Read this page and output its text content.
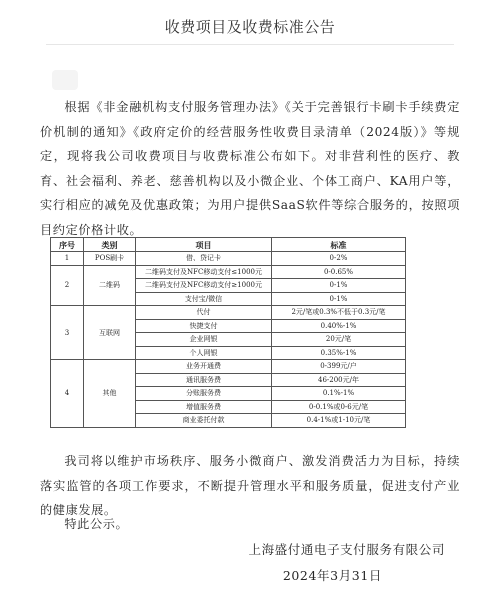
收费项目及收费标准公告
根据《非金融机构支付服务管理办法》《关于完善银行卡刷卡手续费定价机制的通知》《政府定价的经营服务性收费目录清单（2024版）》等规定，现将我公司收费项目与收费标准公布如下。对非营利性的医疗、教育、社会福利、养老、慈善机构以及小微企业、个体工商户、KA用户等，实行相应的减免及优惠政策；为用户提供SaaS软件等综合服务的，按照项目约定价格计收。
序号	类别	项目	标准
1	POS刷卡	借、贷记卡	0-2%
2	二维码	二维码支付及NFC移动支付≤1000元	0-0.65%
		二维码支付及NFC移动支付≥1000元	0-1%
		支付宝/微信	0-1%
3	互联网	代付	2元/笔或0.3%不低于0.3元/笔
		快捷支付	0.40%-1%
		企业网银	20元/笔
		个人网银	0.35%-1%
4	其他	业务开通费	0-399元/户
		通讯服务费	46-200元/年
		分账服务费	0.1%-1%
		增值服务费	0-0.1%或0-6元/笔
		商业委托付款	0.4-1%或1-10元/笔
我司将以维护市场秩序、服务小微商户、激发消费活力为目标，持续落实监管的各项工作要求，不断提升管理水平和服务质量，促进支付产业的健康发展。
特此公示。
上海盛付通电子支付服务有限公司
2024年3月31日
